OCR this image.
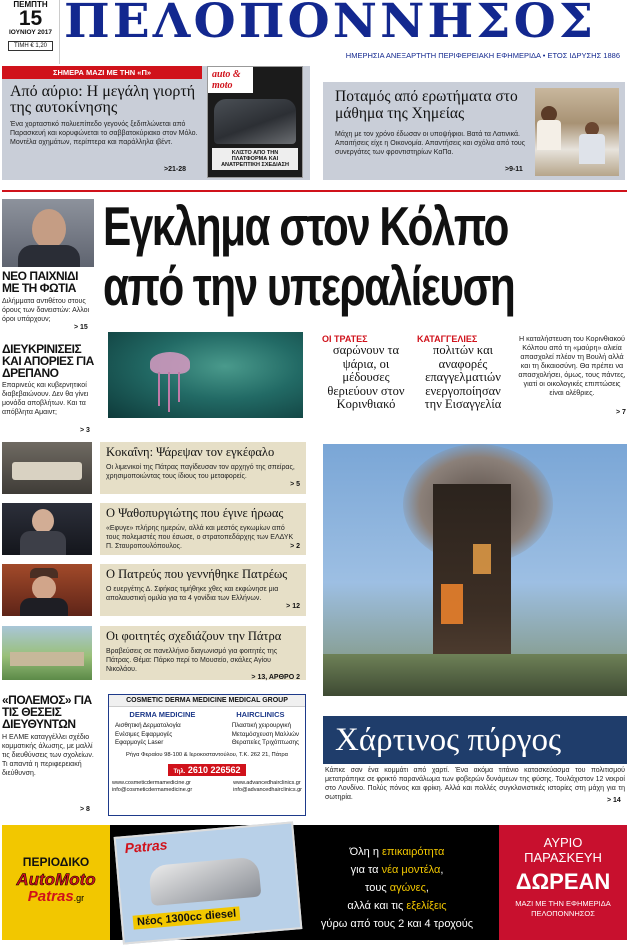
ΠΕΜΠΤΗ
15
ΙΟΥΝΙΟΥ 2017
ΤΙΜΗ € 1,20 ΠΕΛΟΠΟΝΝΗΣΟΣ
ΗΜΕΡΗΣΙΑ ΑΝΕΞΑΡΤΗΤΗ ΠΕΡΙΦΕΡΕΙΑΚΗ ΕΦΗΜΕΡΙΔΑ • ΕΤΟΣ ΙΔΡΥΣΗΣ 1886
ΣΗΜΕΡΑ ΜΑΖΙ ΜΕ ΤΗΝ «Π»
Από αύριο: Η μεγάλη γιορτή της αυτοκίνησης
Ένα χορταστικό πολυεπίπεδο γεγονός ξεδιπλώνεται από Παρασκευή και κορυφώνεται το σαββατοκύριακο στον Μόλο. Μοντέλα οχημάτων, περίπτερα και παράλληλα ιβέντ.
>21-28
auto & moto
ΚΛΙΣΤΟ ΑΠΟ ΤΗΝ ΠΛΑΤΦΟΡΜΑ ΚΑΙ ΑΝΑΤΡΕΠΤΙΚΗ ΣΧΕΔΙΑΣΗ
Ποταμός από ερωτήματα στο μάθημα της Χημείας
Μάχη με τον χρόνο έδωσαν οι υποψήφιοι. Βατά τα Λατινικά. Απαιτήσεις είχε η Οικονομία. Απαντήσεις και σχόλια από τους συνεργάτες των φροντιστηρίων ΚαΠα.
>9-11
ΝΕΟ ΠΑΙΧΝΙΔΙ ΜΕ ΤΗ ΦΩΤΙΑ
Διλήμματα αντιθέτου στους όρους των δανειστών: Αλλοι όροι υπάρχουν;
> 15
ΔΙΕΥΚΡΙΝΙΣΕΙΣ ΚΑΙ ΑΠΟΡΙΕΣ ΓΙΑ ΔΡΕΠΑΝΟ
Επαρινεύς και κυβερνητικοί διαβεβαιώνουν. Δεν θα γίνει μονάδα αποβλήτων. Και τα απόβλητα Αμαιντ;
> 3
«ΠΟΛΕΜΟΣ» ΓΙΑ ΤΙΣ ΘΕΣΕΙΣ ΔΙΕΥΘΥΝΤΩΝ
Η ΕΛΜΕ καταγγέλλει σχέδιο κομματικής άλωσης, με μαλλί τις διευθύνσεις των σχολείων. Τι απαντά η περιφερειακή διεύθυνση.
> 8
Εγκλημα στον Κόλπο
από την υπεραλίευση
ΟΙ ΤΡΑΤΕΣ
σαρώνουν τα ψάρια, οι μέδουσες θεριεύουν στον Κορινθιακό
ΚΑΤΑΓΓΕΛΙΕΣ
πολιτών και αναφορές επαγγελματιών ενεργοποίησαν την Εισαγγελία
Η καταλήστευση του Κορινθιακού Κόλπου από τη «μαύρη» αλιεία απασχολεί πλέον τη Βουλή αλλά και τη δικαιοσύνη. Θα πρέπει να απασχολήσει, όμως, τους πάντες, γιατί οι οικολογικές επιπτώσεις είναι ολέθριες.
> 7
Κοκαΐνη: Ψάρεψαν τον εγκέφαλο
Οι λιμενικοί της Πάτρας παγίδευσαν τον αρχηγό της σπείρας, χρησιμοποιώντας τους ίδιους του μεταφορείς.
> 5
Ο Ψαθοπυργιώτης που έγινε ήρωας
«Εφυγε» πλήρης ημερών, αλλά και μεστός εγκωμίων από τους πολεμιστές που έσωσε, ο στρατοπεδάρχης των ΕΛΔΥΚ Π. Σταυροπουλόπουλος.	> 2
Ο Πατρεύς που γεννήθηκε Πατρέως
Ο ευεργέτης Δ. Σφήκας τιμήθηκε χθες και εκφώνησε μια απολαυστική ομιλία για τα 4 γονίδια των Ελλήνων.
> 12
Οι φοιτητές σχεδιάζουν την Πάτρα
Βραβεύσεις σε πανελλήνιο διαγωνισμό για φοιτητές της Πάτρας. Θέμα: Πάρκο περί το Μουσείο, σκάλες Αγίου Νικολάου.
> 13, ΑΡΘΡΟ 2
COSMETIC DERMA MEDICINE MEDICAL GROUP
DERMA MEDICINE	HAIRCLINICS
Αισθητική Δερματολογία
Ενέσιμες Εφαρμογές
Εφαρμογές Laser
Πλαστική χειρουργική
Μεταμόσχευση Μαλλιών
Θεραπείες Τριχόπτωσης
Ρήγα Φεραίου 98-100 & Ιεροκοσταντούλου, Τ.Κ. 262 21, Πάτρα
Τηλ. 2610 226562
www.cosmeticdermamedicine.gr
info@cosmeticdermamedicine.gr
www.advancedhairclinics.gr
info@advancedhairclinics.gr
Χάρτινος πύργος
Κάπκε σαν ένα κομμάτι από χαρτί. Ένα ακόμα τιτάνιο κατασκεύασμα του πολιτισμού μετατράπηκε σε φρικτό παρανάλωμα των φοβερών δυνάμεων της φύσης. Τουλάχιστον 12 νεκροί στο Λονδίνο. Πολύς πόνος και φρίκη. Αλλά και πολλές συγκλονιστικές ιστορίες στη μάχη για τη σωτηρία.	> 14
ΠΕΡΙΟΔΙΚΟ
AutoMoto
Patras.gr
Patras
Νέος 1300cc diesel
Όλη η επικαιρότητα
για τα νέα μοντέλα,
τους αγώνες,
αλλά και τις εξελίξεις
γύρω από τους 2 και 4 τροχούς
ΑΥΡΙΟ
ΠΑΡΑΣΚΕΥΗ
ΔΩΡΕΑΝ
ΜΑΖΙ ΜΕ ΤΗΝ ΕΦΗΜΕΡΙΔΑ ΠΕΛΟΠΟΝΝΗΣΟΣ
